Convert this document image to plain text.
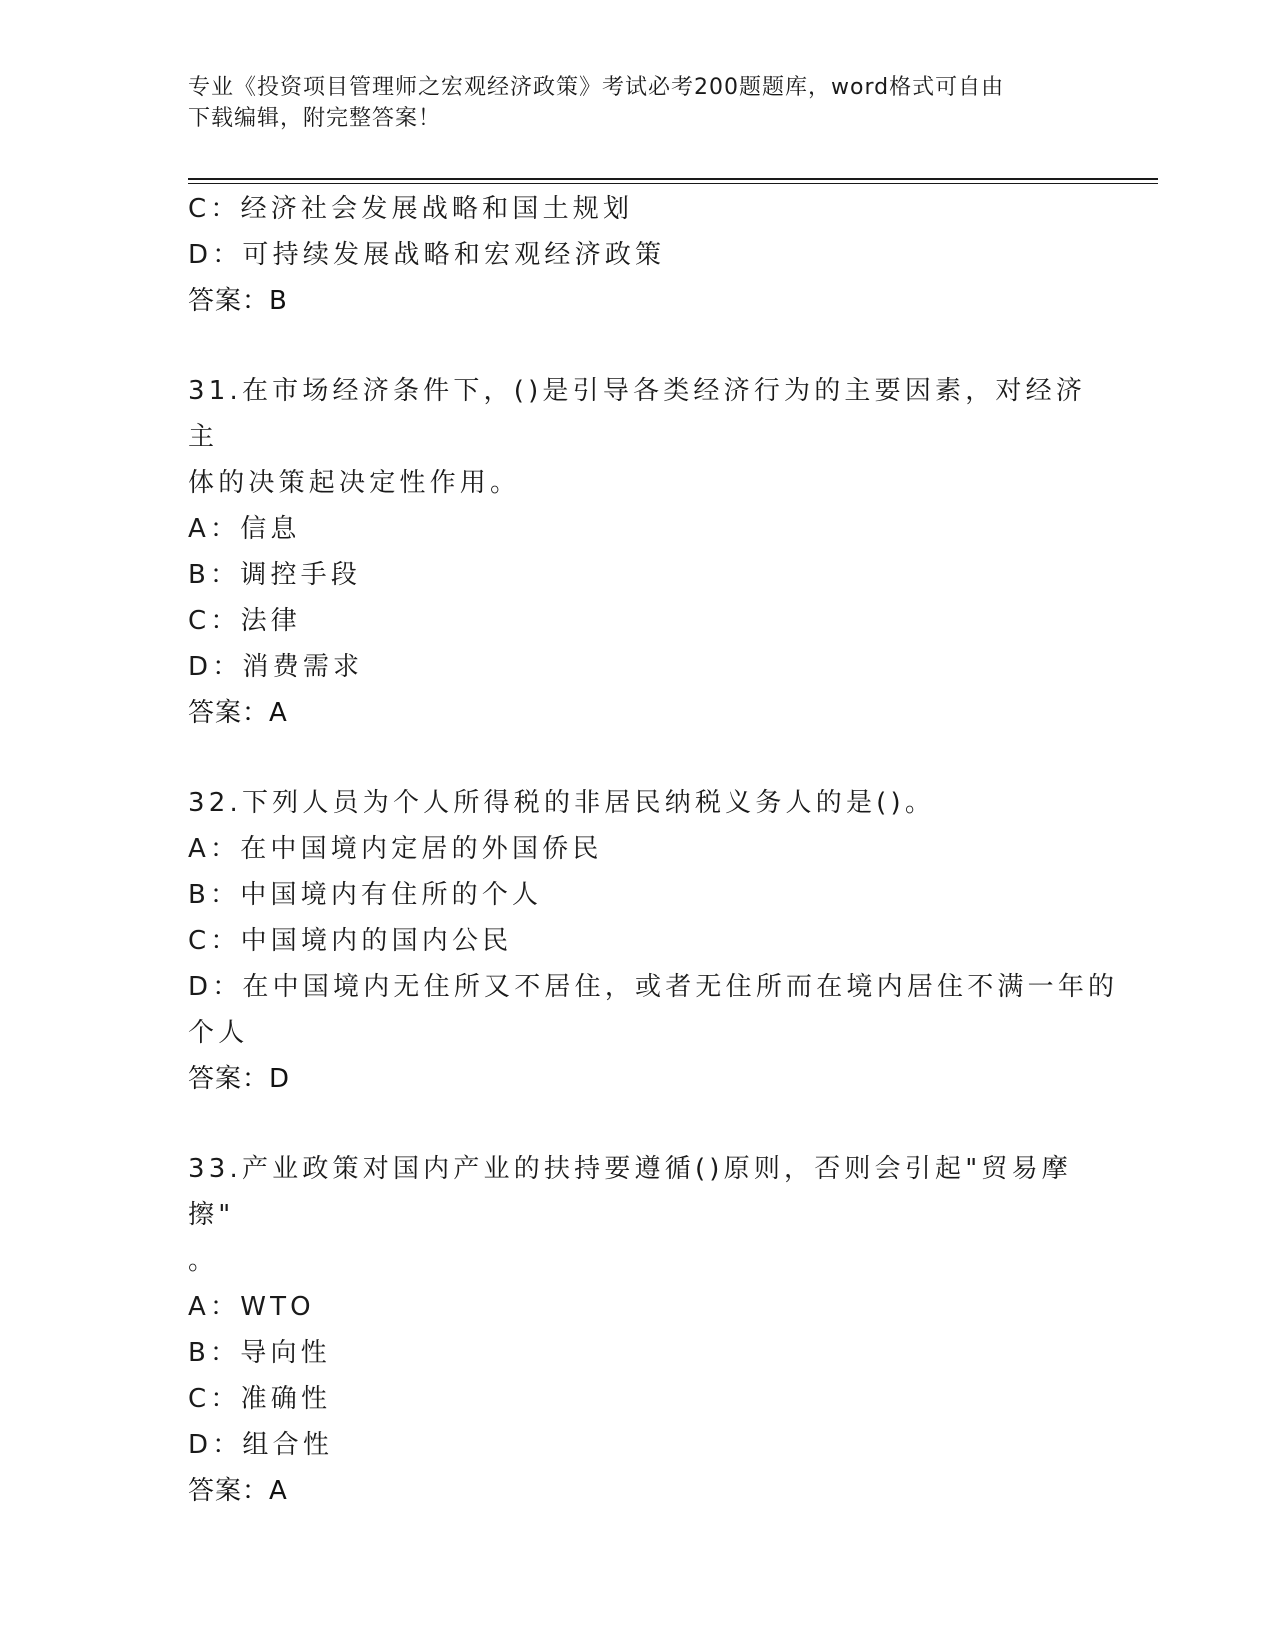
专业《投资项目管理师之宏观经济政策》考试必考200题题库，word格式可自由
下载编辑，附完整答案！
C：经济社会发展战略和国土规划
D：可持续发展战略和宏观经济政策
答案：B
31.在市场经济条件下，()是引导各类经济行为的主要因素，对经济主
体的决策起决定性作用。
A：信息
B：调控手段
C：法律
D：消费需求
答案：A
32.下列人员为个人所得税的非居民纳税义务人的是()。
A：在中国境内定居的外国侨民
B：中国境内有住所的个人
C：中国境内的国内公民
D：在中国境内无住所又不居住，或者无住所而在境内居住不满一年的
个人
答案：D
33.产业政策对国内产业的扶持要遵循()原则，否则会引起"贸易摩擦"
。
A：WTO
B：导向性
C：准确性
D：组合性
答案：A
